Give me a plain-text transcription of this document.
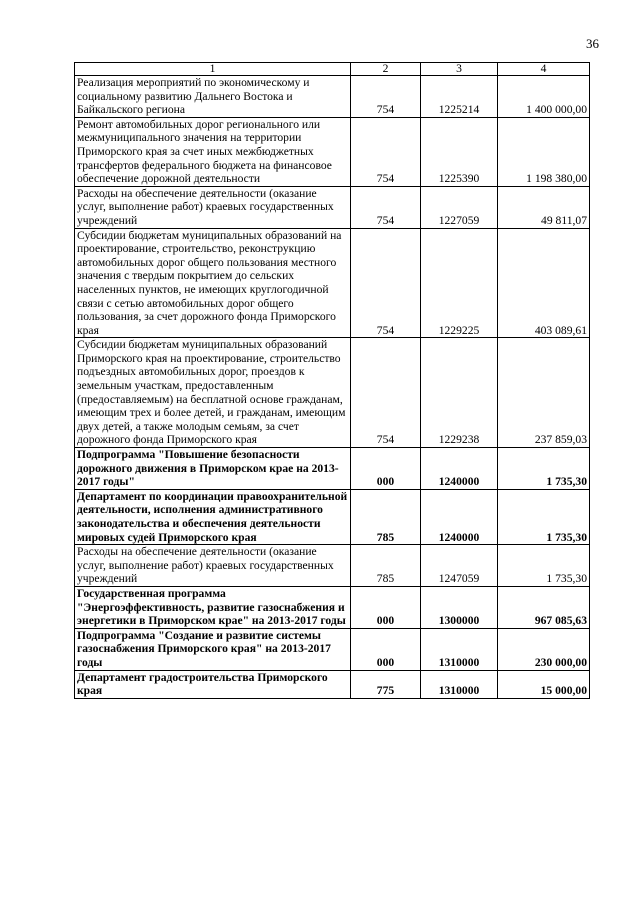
36
1	2	3	4
Реализация мероприятий по экономическому и социальному развитию Дальнего Востока и Байкальского региона	754	1225214	1 400 000,00
Ремонт автомобильных дорог регионального или межмуниципального значения на территории Приморского края за счет иных межбюджетных трансфертов федерального бюджета на финансовое обеспечение дорожной деятельности	754	1225390	1 198 380,00
Расходы на обеспечение деятельности (оказание услуг, выполнение работ) краевых государственных учреждений	754	1227059	49 811,07
Субсидии бюджетам муниципальных образований на проектирование, строительство, реконструкцию автомобильных дорог общего пользования местного значения с твердым покрытием до сельских населенных пунктов, не имеющих круглогодичной связи с сетью автомобильных дорог общего пользования, за счет дорожного фонда Приморского края	754	1229225	403 089,61
Субсидии бюджетам муниципальных образований Приморского края на проектирование, строительство подъездных автомобильных дорог, проездов к земельным участкам, предоставленным (предоставляемым) на бесплатной основе гражданам, имеющим трех и более детей, и гражданам, имеющим двух детей, а также молодым семьям, за счет дорожного фонда Приморского края	754	1229238	237 859,03
Подпрограмма "Повышение безопасности дорожного движения в Приморском крае на 2013-2017 годы"	000	1240000	1 735,30
Департамент по координации правоохранительной деятельности, исполнения административного законодательства и обеспечения деятельности мировых судей Приморского края	785	1240000	1 735,30
Расходы на обеспечение деятельности (оказание услуг, выполнение работ) краевых государственных учреждений	785	1247059	1 735,30
Государственная программа "Энергоэффективность, развитие газоснабжения и энергетики в Приморском крае" на 2013-2017 годы	000	1300000	967 085,63
Подпрограмма "Создание и развитие системы газоснабжения Приморского края" на 2013-2017 годы	000	1310000	230 000,00
Департамент градостроительства Приморского края	775	1310000	15 000,00
